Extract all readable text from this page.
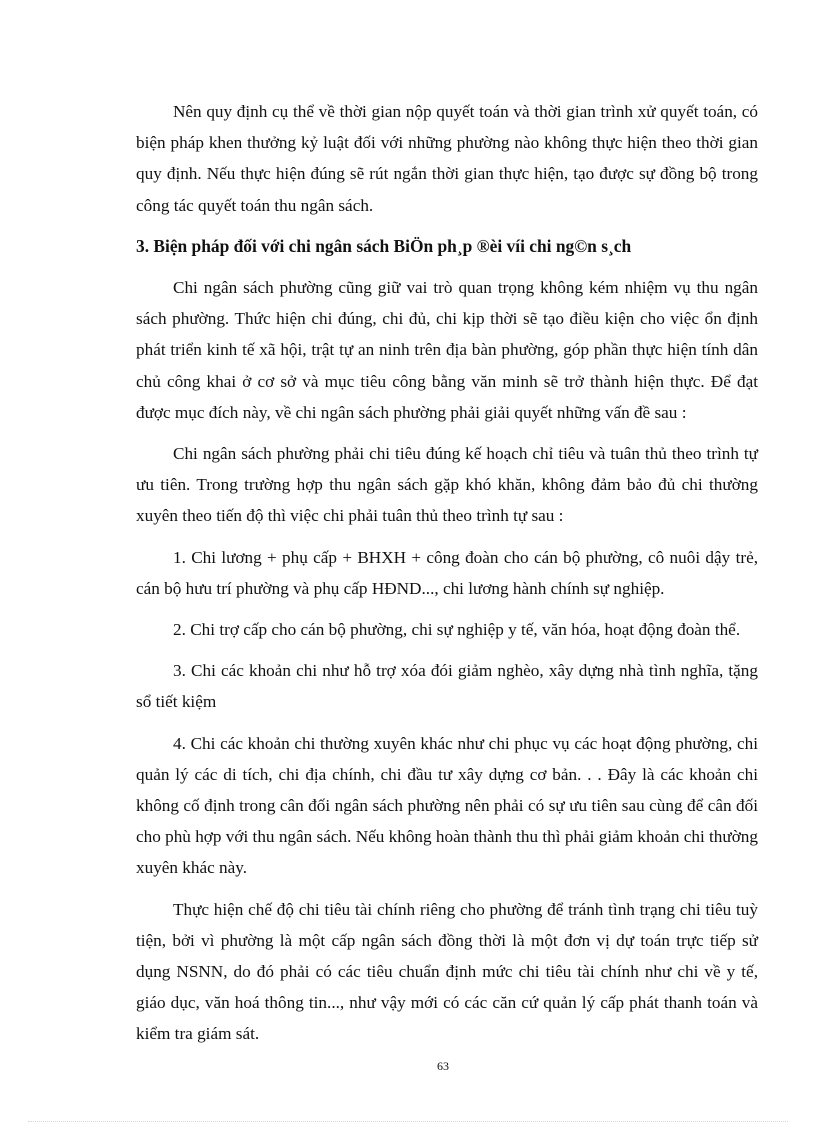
Nên quy định cụ thể về thời gian nộp quyết toán và thời gian trình xử quyết toán, có biện pháp khen thưởng kỷ luật đối với những phường nào không thực hiện theo thời gian quy định. Nếu thực hiện đúng sẽ rút ngắn thời gian thực hiện, tạo được sự đồng bộ trong công tác quyết toán thu ngân sách.

3. Biện pháp đối với chi ngân sách BiÖn ph¸p ®èi víi chi ng©n s¸ch

Chi ngân sách phường cũng giữ vai trò quan trọng không kém nhiệm vụ thu ngân sách phường. Thức hiện chi đúng, chi đủ, chi kịp thời sẽ tạo điều kiện cho việc ổn định phát triển kinh tế xã hội, trật tự an ninh trên địa bàn phường, góp phần thực hiện tính dân chủ công khai ở cơ sở và mục tiêu công bằng văn minh sẽ trở thành hiện thực. Để đạt được mục đích này, về chi ngân sách phường phải giải quyết những vấn đề sau :

Chi ngân sách phường phải chi tiêu đúng kế hoạch chỉ tiêu và tuân thủ theo trình tự ưu tiên. Trong trường hợp thu ngân sách gặp khó khăn, không đảm bảo đủ chi thường xuyên theo tiến độ thì việc chi phải tuân thủ theo trình tự sau :

1. Chi lương + phụ cấp + BHXH + công đoàn cho cán bộ phường, cô nuôi dậy trẻ, cán bộ hưu trí phường và phụ cấp HĐND..., chi lương hành chính sự nghiệp.

2. Chi trợ cấp cho cán bộ phường, chi sự nghiệp y tế, văn hóa, hoạt động đoàn thể.

3. Chi các khoản chi như hỗ trợ xóa đói giảm nghèo, xây dựng nhà tình nghĩa, tặng sổ tiết kiệm

4. Chi các khoản chi thường xuyên khác như chi phục vụ các hoạt động phường, chi quản lý các di tích, chi địa chính, chi đầu tư xây dựng cơ bản. . . Đây là các khoản chi không cố định trong cân đối ngân sách phường nên phải có sự ưu tiên sau cùng để cân đối cho phù hợp với thu ngân sách. Nếu không hoàn thành thu thì phải giảm khoản chi thường xuyên khác này.

Thực hiện chế độ chi tiêu tài chính riêng cho phường để tránh tình trạng chi tiêu tuỳ tiện, bởi vì phường là một cấp ngân sách đồng thời là một đơn vị dự toán trực tiếp sử dụng NSNN, do đó phải có các tiêu chuẩn định mức chi tiêu tài chính như chi về y tế, giáo dục, văn hoá thông tin..., như vậy mới có các căn cứ quản lý cấp phát thanh toán và kiểm tra giám sát.

63
